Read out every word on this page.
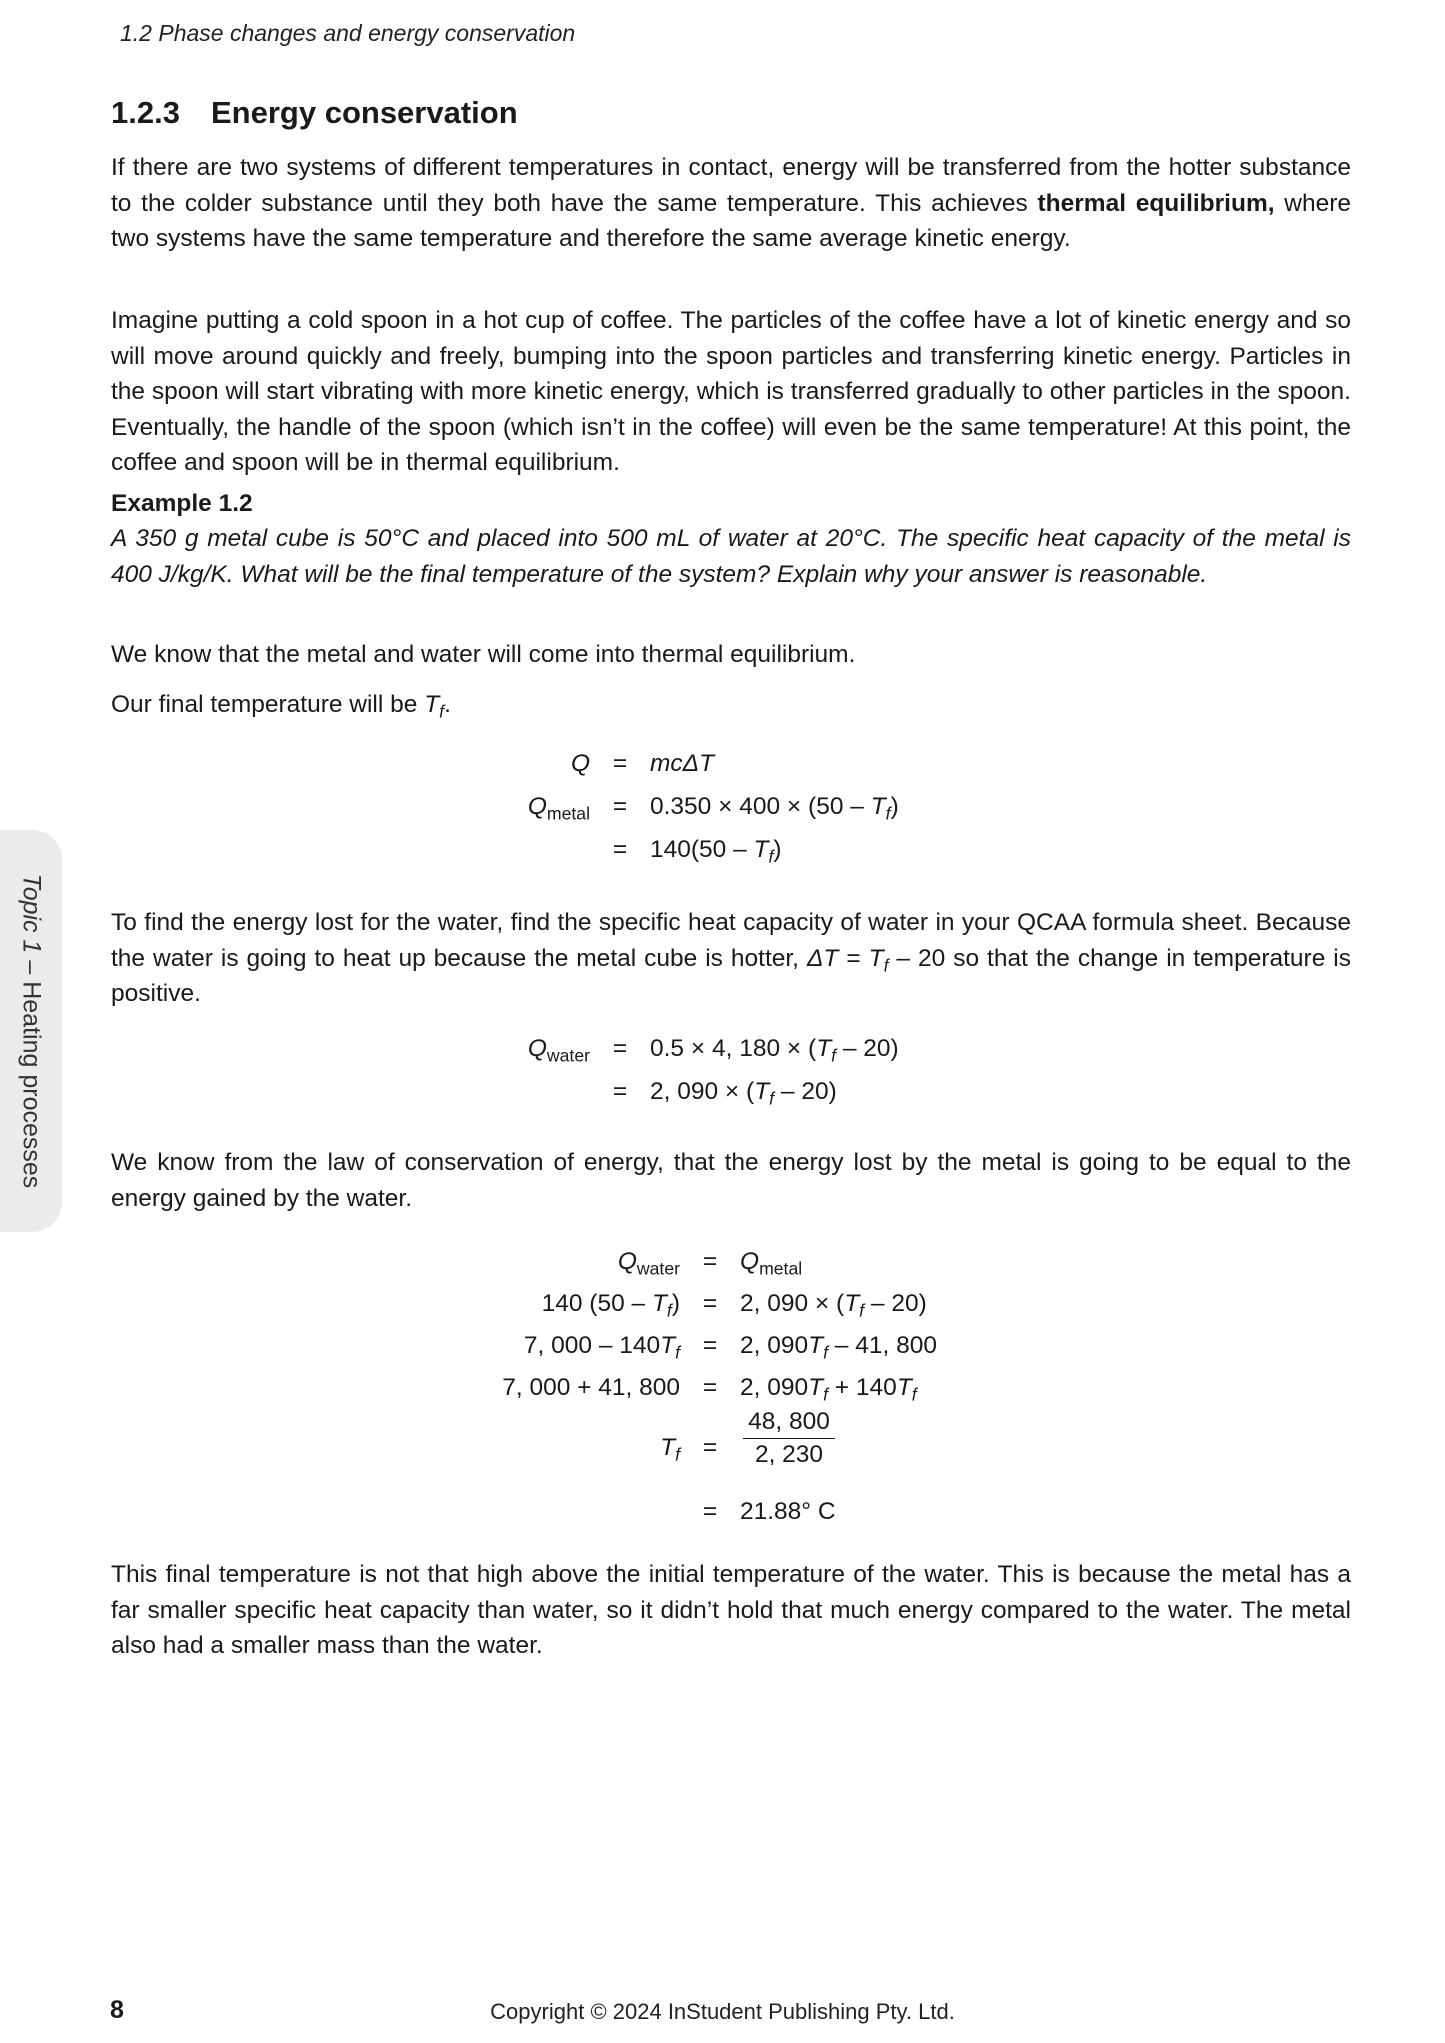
1.2 Phase changes and energy conservation
Topic 1 – Heating processes
1.2.3 Energy conservation

If there are two systems of different temperatures in contact, energy will be transferred from the hotter substance to the colder substance until they both have the same temperature. This achieves thermal equilibrium, where two systems have the same temperature and therefore the same average kinetic energy.

Imagine putting a cold spoon in a hot cup of coffee. The particles of the coffee have a lot of kinetic energy and so will move around quickly and freely, bumping into the spoon particles and transferring kinetic energy. Particles in the spoon will start vibrating with more kinetic energy, which is transferred gradually to other particles in the spoon. Eventually, the handle of the spoon (which isn’t in the coffee) will even be the same temperature! At this point, the coffee and spoon will be in thermal equilibrium.

Example 1.2
A 350 g metal cube is 50°C and placed into 500 mL of water at 20°C. The specific heat capacity of the metal is 400 J/kg/K. What will be the final temperature of the system? Explain why your answer is reasonable.

We know that the metal and water will come into thermal equilibrium.

Our final temperature will be $T_f$.

Q = mcΔT
$Q_{metal} = 0.350 \times 400 \times (50 - T_f)$
= $140(50 - T_f)$

To find the energy lost for the water, find the specific heat capacity of water in your QCAA formula sheet. Because the water is going to heat up because the metal cube is hotter, $\Delta T = T_f - 20$ so that the change in temperature is positive.

$Q_{water} = 0.5 \times 4$, $180 \times (T_f - 20)$
= 2, $090 \times (T_f - 20)$

We know from the law of conservation of energy, that the energy lost by the metal is going to be equal to the energy gained by the water.

$Q_{water} = Q_{metal}$
140 $(50 - T_f) = 2$, $090 \times (T_f - 20)$
7, $000 - 140T_f = 2$, $090T_f - 41$, 800
7, 000 + 41, 800 = 2, $090T_f + 140T_f$
$T_f$ =
48, 800
2, 230
= 21.88° C

This final temperature is not that high above the initial temperature of the water. This is because the metal has a far smaller specific heat capacity than water, so it didn’t hold that much energy compared to the water. The metal also had a smaller mass than the water.

8	Copyright © 2024 InStudent Publishing Pty. Ltd.
